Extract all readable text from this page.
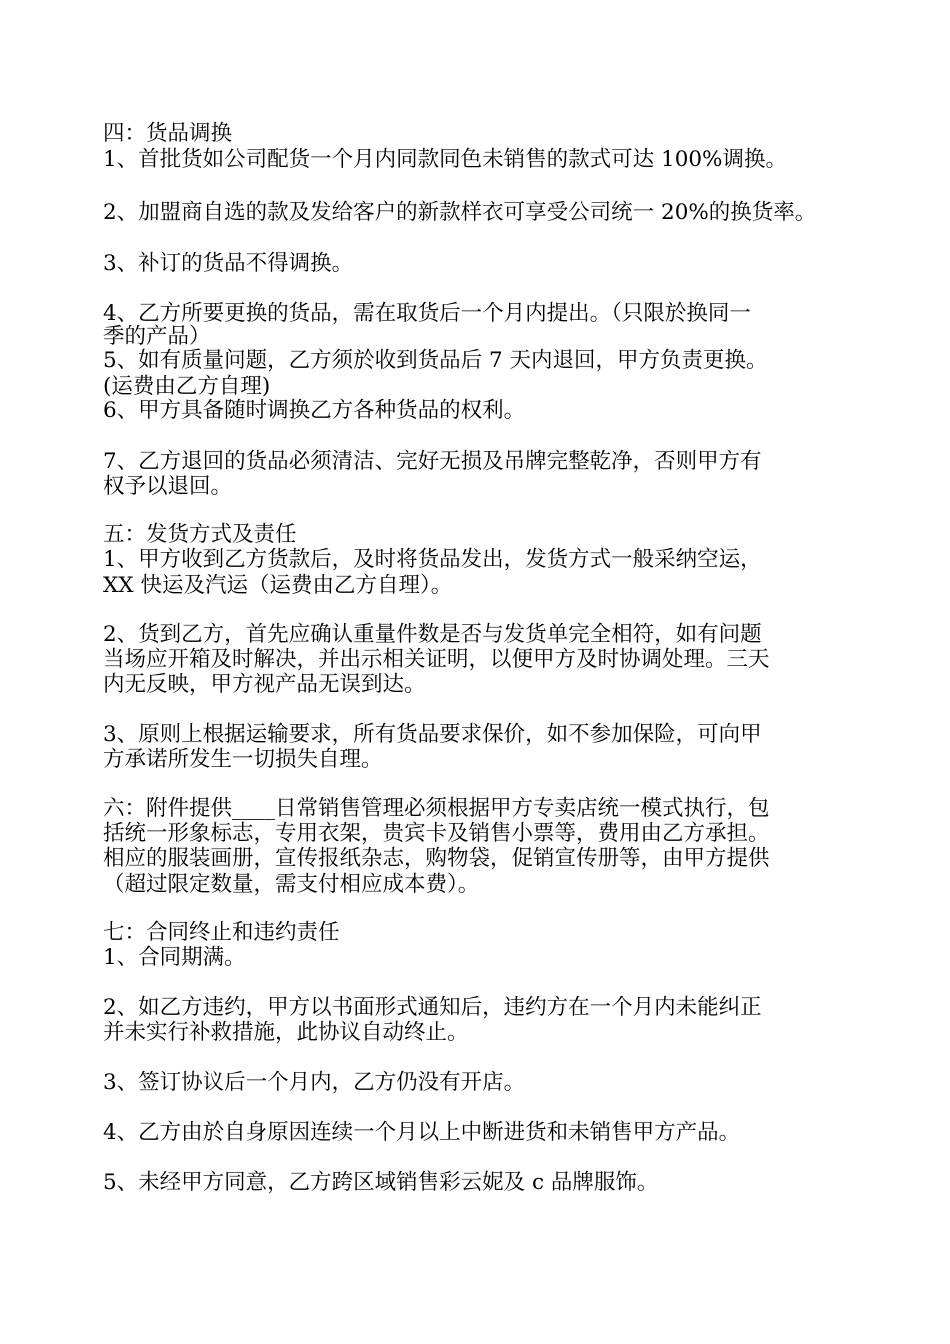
四：货品调换
1、首批货如公司配货一个月内同款同色未销售的款式可达 100%调换。
2、加盟商自选的款及发给客户的新款样衣可享受公司统一 20%的换货率。
3、补订的货品不得调换。
4、乙方所要更换的货品，需在取货后一个月内提出。（只限於换同一
季的产品）
5、如有质量问题，乙方须於收到货品后 7 天内退回，甲方负责更换。
(运费由乙方自理)
6、甲方具备随时调换乙方各种货品的权利。
7、乙方退回的货品必须清洁、完好无损及吊牌完整乾净，否则甲方有
权予以退回。
五：发货方式及责任
1、甲方收到乙方货款后，及时将货品发出，发货方式一般采纳空运，
XX 快运及汽运（运费由乙方自理）。
2、货到乙方，首先应确认重量件数是否与发货单完全相符，如有问题
当场应开箱及时解决，并出示相关证明，以便甲方及时协调处理。三天
内无反映，甲方视产品无误到达。
3、原则上根据运输要求，所有货品要求保价，如不参加保险，可向甲
方承诺所发生一切损失自理。
六：附件提供____日常销售管理必须根据甲方专卖店统一模式执行，包
括统一形象标志，专用衣架，贵宾卡及销售小票等，费用由乙方承担。
相应的服装画册，宣传报纸杂志，购物袋，促销宣传册等，由甲方提供
（超过限定数量，需支付相应成本费）。
七：合同终止和违约责任
1、合同期满。
2、如乙方违约，甲方以书面形式通知后，违约方在一个月内未能纠正
并未实行补救措施，此协议自动终止。
3、签订协议后一个月内，乙方仍没有开店。
4、乙方由於自身原因连续一个月以上中断进货和未销售甲方产品。
5、未经甲方同意，乙方跨区域销售彩云妮及 c 品牌服饰。
